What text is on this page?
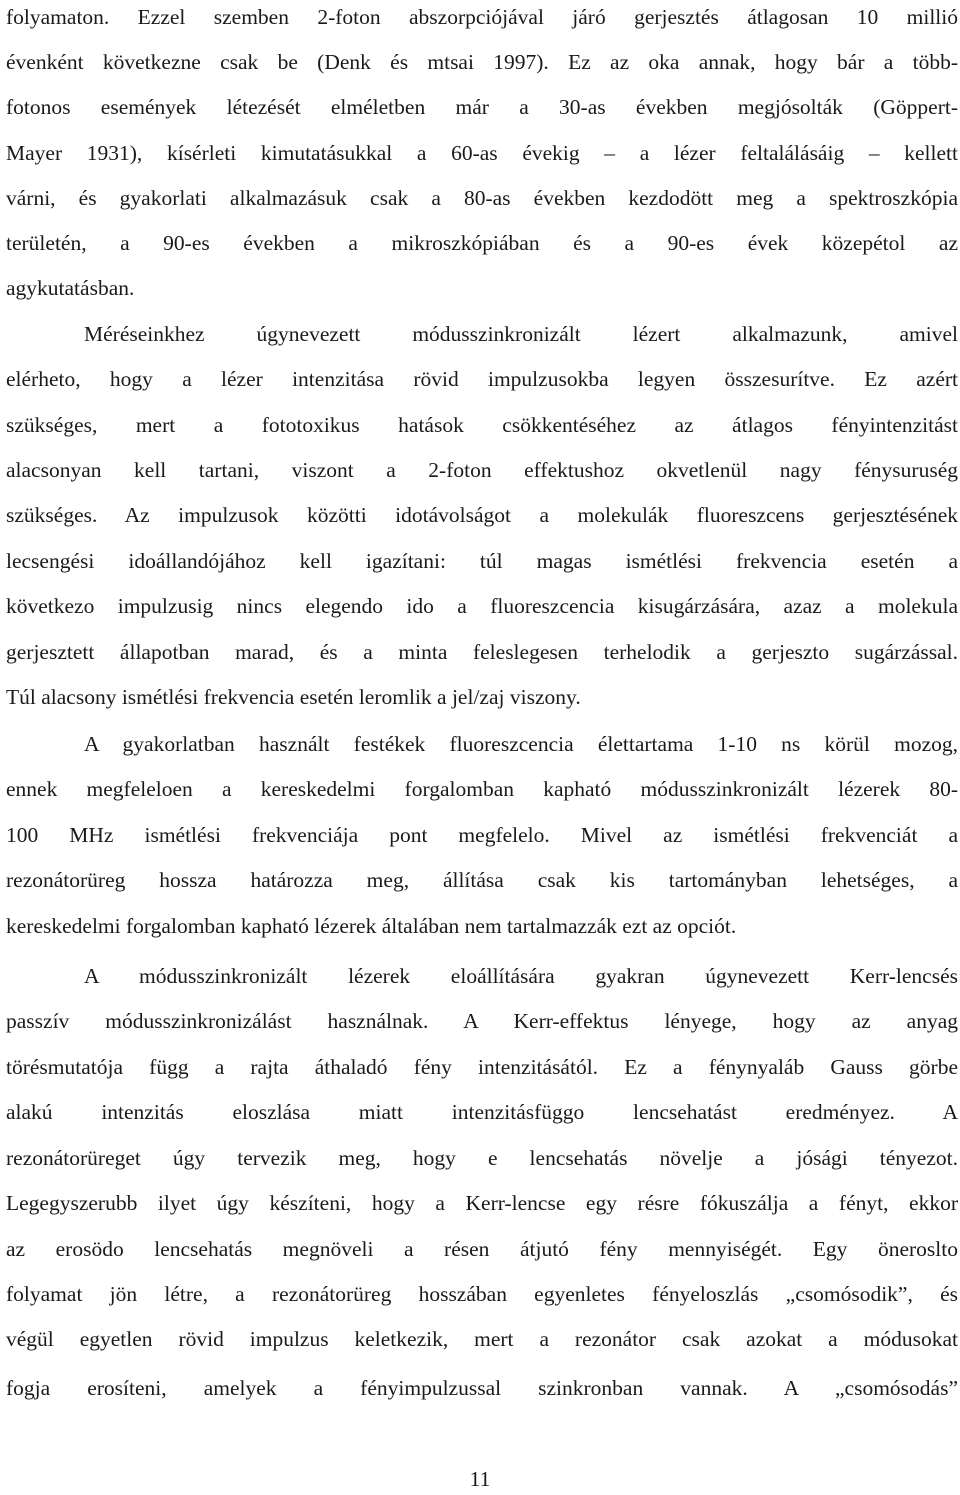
folyamaton. Ezzel szemben 2-foton abszorpciójával járó gerjesztés átlagosan 10 millió
évenként következne csak be (Denk és mtsai 1997). Ez az oka annak, hogy bár a több-
fotonos események létezését elméletben már a 30-as években megjósolták (Göppert-
Mayer 1931), kísérleti kimutatásukkal a 60-as évekig – a lézer feltalálásáig – kellett
várni, és gyakorlati alkalmazásuk csak a 80-as években kezdodött meg a spektroszkópia
területén, a 90-es években a mikroszkópiában és a 90-es évek közepétol az
agykutatásban.
Méréseinkhez úgynevezett módusszinkronizált lézert alkalmazunk, amivel
elérheto, hogy a lézer intenzitása rövid impulzusokba legyen összesurítve. Ez azért
szükséges, mert a fototoxikus hatások csökkentéséhez az átlagos fényintenzitást
alacsonyan kell tartani, viszont a 2-foton effektushoz okvetlenül nagy fénysuruség
szükséges. Az impulzusok közötti idotávolságot a molekulák fluoreszcens gerjesztésének
lecsengési idoállandójához kell igazítani: túl magas ismétlési frekvencia esetén a
következo impulzusig nincs elegendo ido a fluoreszcencia kisugárzására, azaz a molekula
gerjesztett állapotban marad, és a minta feleslegesen terhelodik a gerjeszto sugárzással.
Túl alacsony ismétlési frekvencia esetén leromlik a jel/zaj viszony.
A gyakorlatban használt festékek fluoreszcencia élettartama 1-10 ns körül mozog,
ennek megfeleloen a kereskedelmi forgalomban kapható módusszinkronizált lézerek 80-
100 MHz ismétlési frekvenciája pont megfelelo. Mivel az ismétlési frekvenciát a
rezonátorüreg hossza határozza meg, állítása csak kis tartományban lehetséges, a
kereskedelmi forgalomban kapható lézerek általában nem tartalmazzák ezt az opciót.
A módusszinkronizált lézerek eloállítására gyakran úgynevezett Kerr-lencsés
passzív módusszinkronizálást használnak. A Kerr-effektus lényege, hogy az anyag
törésmutatója függ a rajta áthaladó fény intenzitásától. Ez a fénynyaláb Gauss görbe
alakú intenzitás eloszlása miatt intenzitásfüggo lencsehatást eredményez. A
rezonátorüreget úgy tervezik meg, hogy e lencsehatás növelje a jósági tényezot.
Legegyszerubb ilyet úgy készíteni, hogy a Kerr-lencse egy résre fókuszálja a fényt, ekkor
az erosödo lencsehatás megnöveli a résen átjutó fény mennyiségét. Egy öneroslto
folyamat jön létre, a rezonátorüreg hosszában egyenletes fényeloszlás „csomósodik”, és
végül egyetlen rövid impulzus keletkezik, mert a rezonátor csak azokat a módusokat
fogja erosíteni, amelyek a fényimpulzussal szinkronban vannak. A „csomósodás”
11
